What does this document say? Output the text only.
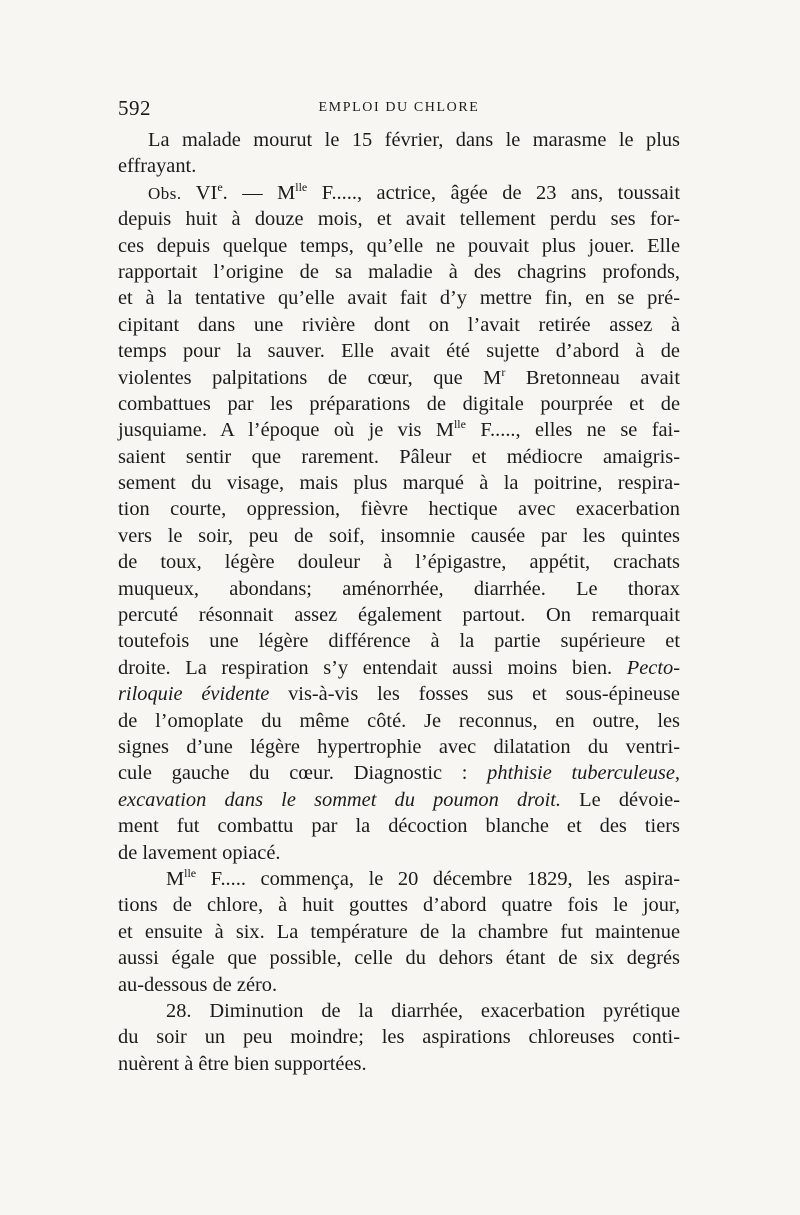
592	EMPLOI DU CHLORE
La malade mourut le 15 février, dans le marasme le plus
effrayant.
Obs. VIe. — $M^{lle}$ F....., actrice, âgée de 23 ans, toussait
depuis huit à douze mois, et avait tellement perdu ses for-
ces depuis quelque temps, qu’elle ne pouvait plus jouer. Elle
rapportait l’origine de sa maladie à des chagrins profonds,
et à la tentative qu’elle avait fait d’y mettre fin, en se pré-
cipitant dans une rivière dont on l’avait retirée assez à
temps pour la sauver. Elle avait été sujette d’abord à de
violentes palpitations de cœur, que $M^r$ Bretonneau avait
combattues par les préparations de digitale pourprée et de
jusquiame. A l’époque où je vis $M^{lle}$ F....., elles ne se fai-
saient sentir que rarement. Pâleur et médiocre amaigris-
sement du visage, mais plus marqué à la poitrine, respira-
tion courte, oppression, fièvre hectique avec exacerbation
vers le soir, peu de soif, insomnie causée par les quintes
de toux, légère douleur à l’épigastre, appétit, crachats
muqueux, abondans; aménorrhée, diarrhée. Le thorax
percuté résonnait assez également partout. On remarquait
toutefois une légère différence à la partie supérieure et
droite. La respiration s’y entendait aussi moins bien. Pecto-
riloquie évidente vis-à-vis les fosses sus et sous-épineuse
de l’omoplate du même côté. Je reconnus, en outre, les
signes d’une légère hypertrophie avec dilatation du ventri-
cule gauche du cœur. Diagnostic : phthisie tuberculeuse,
excavation dans le sommet du poumon droit. Le dévoie-
ment fut combattu par la décoction blanche et des tiers
de lavement opiacé.
$M^{lle}$ F..... commença, le 20 décembre 1829, les aspira-
tions de chlore, à huit gouttes d’abord quatre fois le jour,
et ensuite à six. La température de la chambre fut maintenue
aussi égale que possible, celle du dehors étant de six degrés
au-dessous de zéro.
28. Diminution de la diarrhée, exacerbation pyrétique
du soir un peu moindre; les aspirations chloreuses conti-
nuèrent à être bien supportées.
